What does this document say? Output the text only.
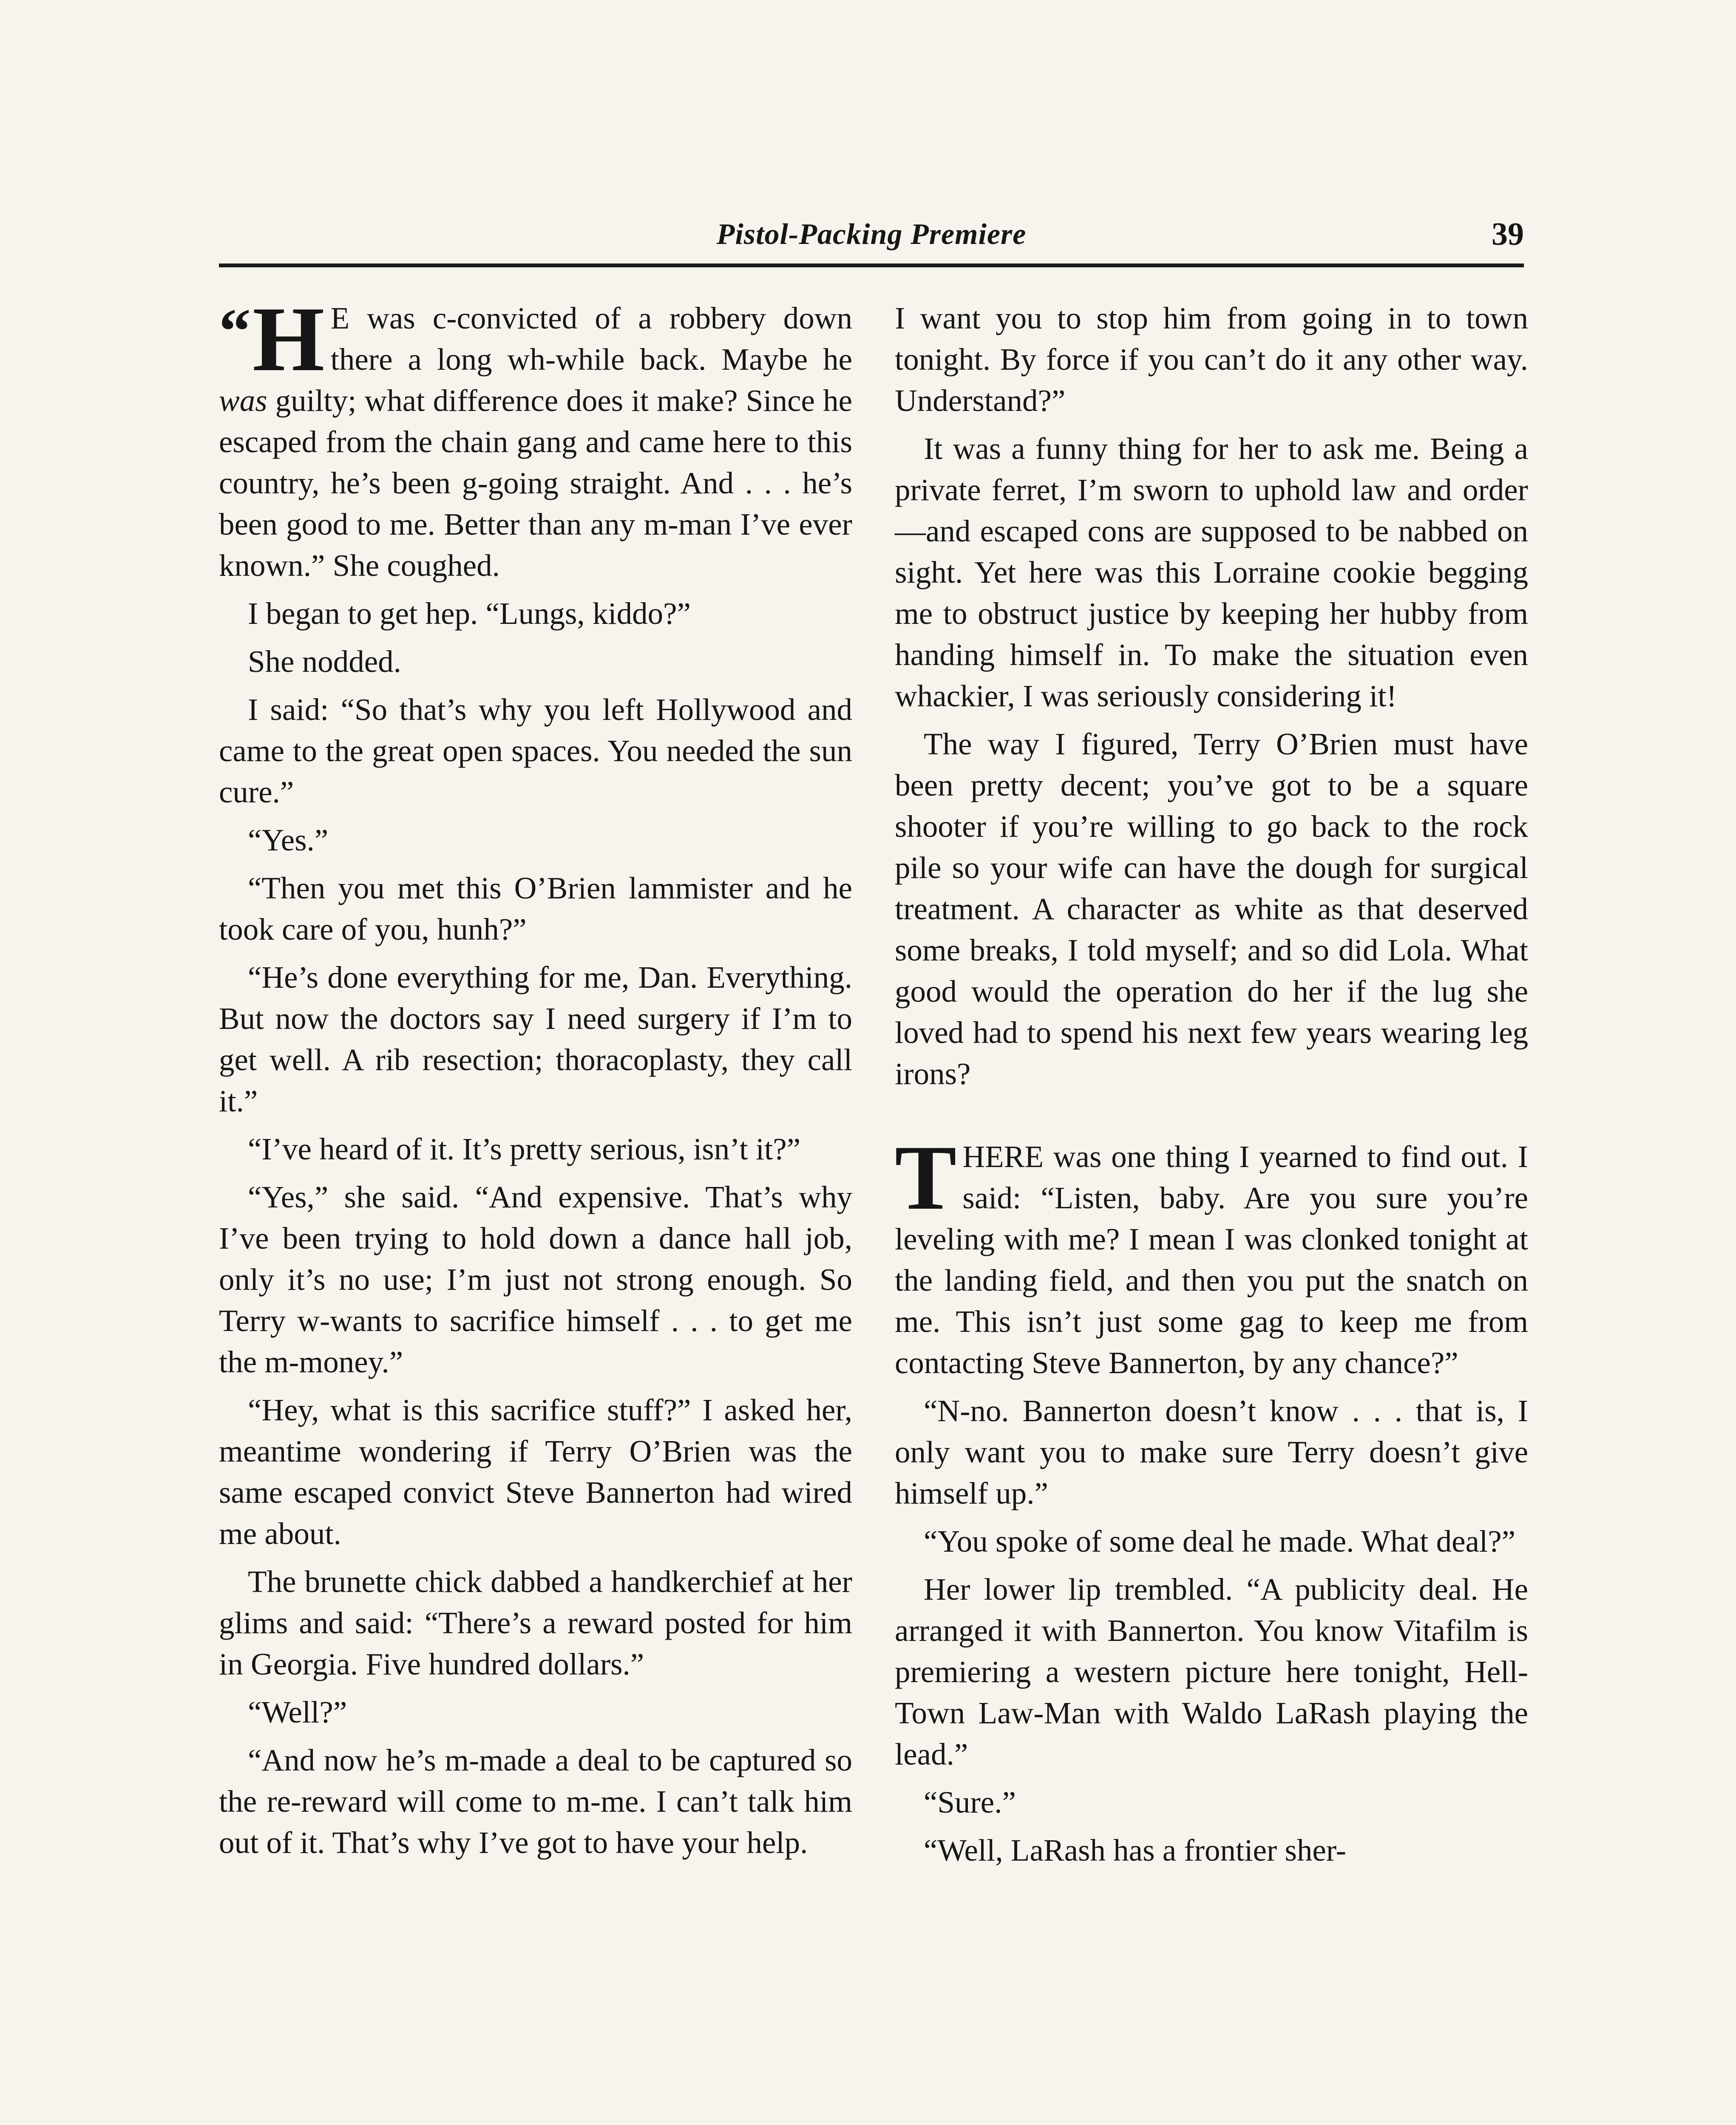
Pistol-Packing Premiere	39

“H E was c-convicted of a robbery down there a long wh-while back. Maybe he was guilty; what difference does it make? Since he escaped from the chain gang and came here to this country, he’s been g-going straight. And . . . he’s been good to me. Better than any m-man I’ve ever known.” She coughed.

I began to get hep. “Lungs, kiddo?”

She nodded.

I said: “So that’s why you left Hollywood and came to the great open spaces. You needed the sun cure.”

“Yes.”

“Then you met this O’Brien lammister and he took care of you, hunh?”

“He’s done everything for me, Dan. Everything. But now the doctors say I need surgery if I’m to get well. A rib resection; thoracoplasty, they call it.”

“I’ve heard of it. It’s pretty serious, isn’t it?”

“Yes,” she said. “And expensive. That’s why I’ve been trying to hold down a dance hall job, only it’s no use; I’m just not strong enough. So Terry w-wants to sacrifice himself . . . to get me the m-money.”

“Hey, what is this sacrifice stuff?” I asked her, meantime wondering if Terry O’Brien was the same escaped convict Steve Bannerton had wired me about.

The brunette chick dabbed a handkerchief at her glims and said: “There’s a reward posted for him in Georgia. Five hundred dollars.”

“Well?”

“And now he’s m-made a deal to be captured so the re-reward will come to m-me. I can’t talk him out of it. That’s why I’ve got to have your help.

I want you to stop him from going in to town tonight. By force if you can’t do it any other way. Understand?”

It was a funny thing for her to ask me. Being a private ferret, I’m sworn to uphold law and order—and escaped cons are supposed to be nabbed on sight. Yet here was this Lorraine cookie begging me to obstruct justice by keeping her hubby from handing himself in. To make the situation even whackier, I was seriously considering it!

The way I figured, Terry O’Brien must have been pretty decent; you’ve got to be a square shooter if you’re willing to go back to the rock pile so your wife can have the dough for surgical treatment. A character as white as that deserved some breaks, I told myself; and so did Lola. What good would the operation do her if the lug she loved had to spend his next few years wearing leg irons?

THERE was one thing I yearned to find out. I said: “Listen, baby. Are you sure you’re leveling with me? I mean I was clonked tonight at the landing field, and then you put the snatch on me. This isn’t just some gag to keep me from contacting Steve Bannerton, by any chance?”

“N-no. Bannerton doesn’t know . . . that is, I only want you to make sure Terry doesn’t give himself up.”

“You spoke of some deal he made. What deal?”

Her lower lip trembled. “A publicity deal. He arranged it with Bannerton. You know Vitafilm is premiering a western picture here tonight, Hell-Town Law-Man with Waldo LaRash playing the lead.”

“Sure.”

“Well, LaRash has a frontier sher-
